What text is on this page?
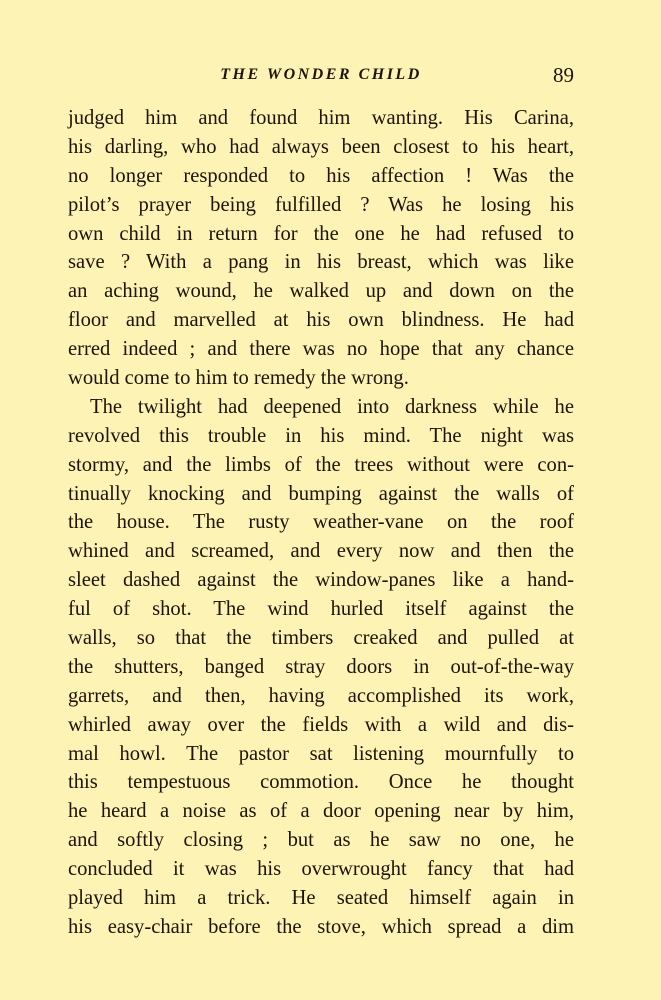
THE WONDER CHILD	89
judged him and found him wanting. His Carina,
his darling, who had always been closest to his heart,
no longer responded to his affection ! Was the
pilot’s prayer being fulfilled ? Was he losing his
own child in return for the one he had refused to
save ? With a pang in his breast, which was like
an aching wound, he walked up and down on the
floor and marvelled at his own blindness. He had
erred indeed ; and there was no hope that any chance
would come to him to remedy the wrong.
The twilight had deepened into darkness while he
revolved this trouble in his mind. The night was
stormy, and the limbs of the trees without were con-
tinually knocking and bumping against the walls of
the house. The rusty weather-vane on the roof
whined and screamed, and every now and then the
sleet dashed against the window-panes like a hand-
ful of shot. The wind hurled itself against the
walls, so that the timbers creaked and pulled at
the shutters, banged stray doors in out-of-the-way
garrets, and then, having accomplished its work,
whirled away over the fields with a wild and dis-
mal howl. The pastor sat listening mournfully to
this tempestuous commotion. Once he thought
he heard a noise as of a door opening near by him,
and softly closing ; but as he saw no one, he
concluded it was his overwrought fancy that had
played him a trick. He seated himself again in
his easy-chair before the stove, which spread a dim
